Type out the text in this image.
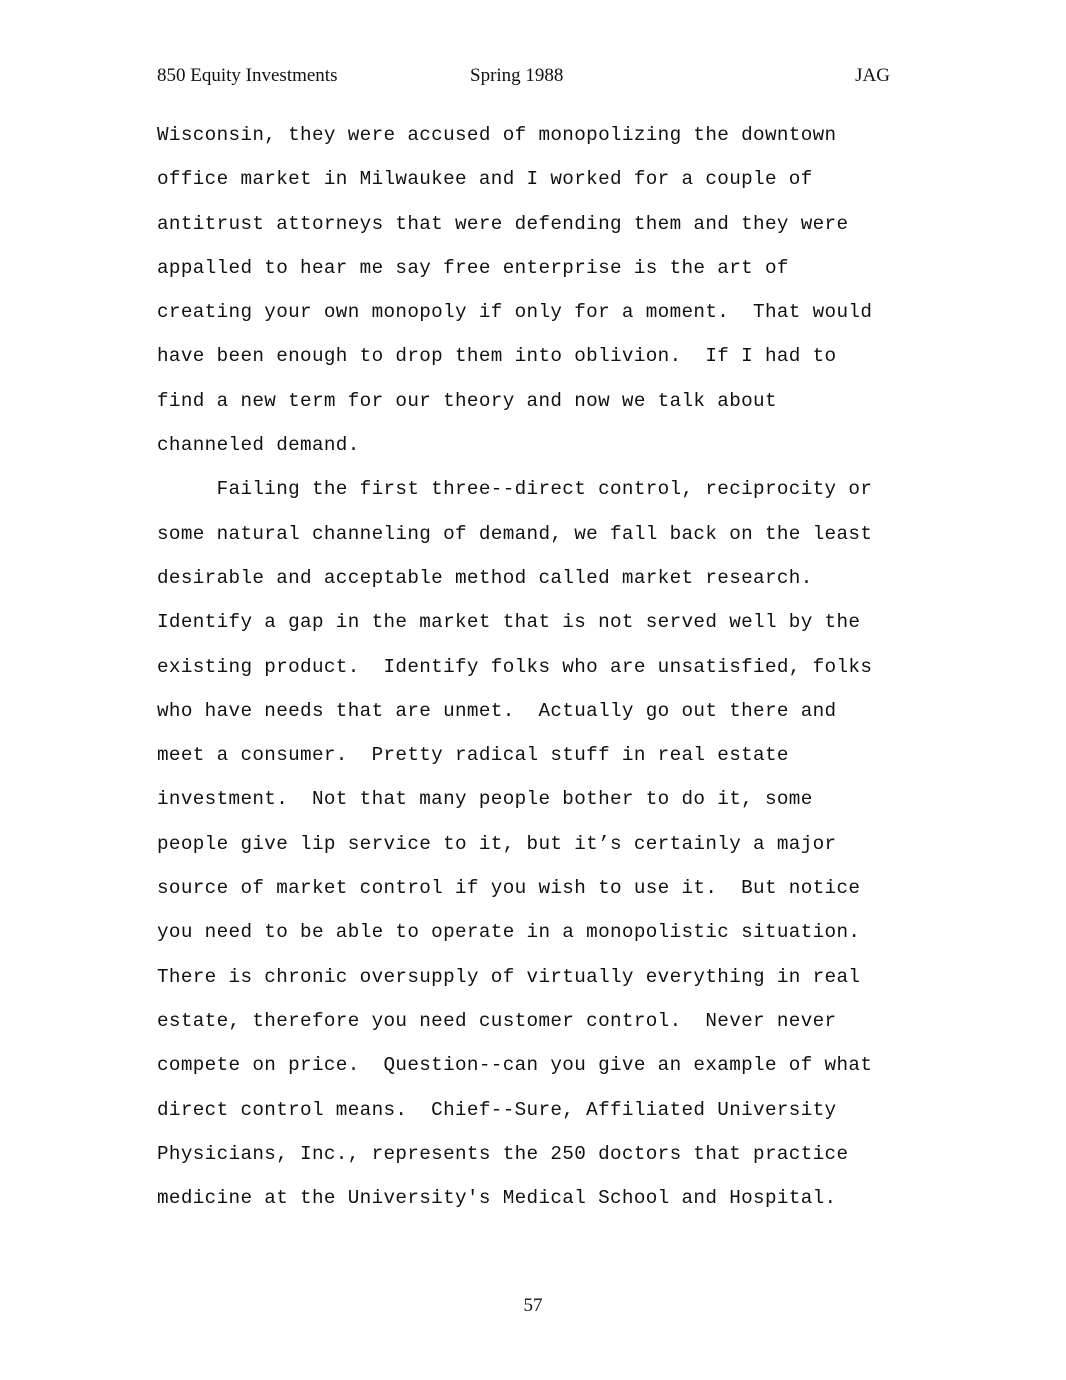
850 Equity Investments	Spring 1988	JAG
Wisconsin, they were accused of monopolizing the downtown
office market in Milwaukee and I worked for a couple of
antitrust attorneys that were defending them and they were
appalled to hear me say free enterprise is the art of
creating your own monopoly if only for a moment.  That would
have been enough to drop them into oblivion.  If I had to
find a new term for our theory and now we talk about
channeled demand.
Failing the first three--direct control, reciprocity or
some natural channeling of demand, we fall back on the least
desirable and acceptable method called market research.
Identify a gap in the market that is not served well by the
existing product.  Identify folks who are unsatisfied, folks
who have needs that are unmet.  Actually go out there and
meet a consumer.  Pretty radical stuff in real estate
investment.  Not that many people bother to do it, some
people give lip service to it, but it’s certainly a major
source of market control if you wish to use it.  But notice
you need to be able to operate in a monopolistic situation.
There is chronic oversupply of virtually everything in real
estate, therefore you need customer control.  Never never
compete on price.  Question--can you give an example of what
direct control means.  Chief--Sure, Affiliated University
Physicians, Inc., represents the 250 doctors that practice
medicine at the University's Medical School and Hospital.
57
